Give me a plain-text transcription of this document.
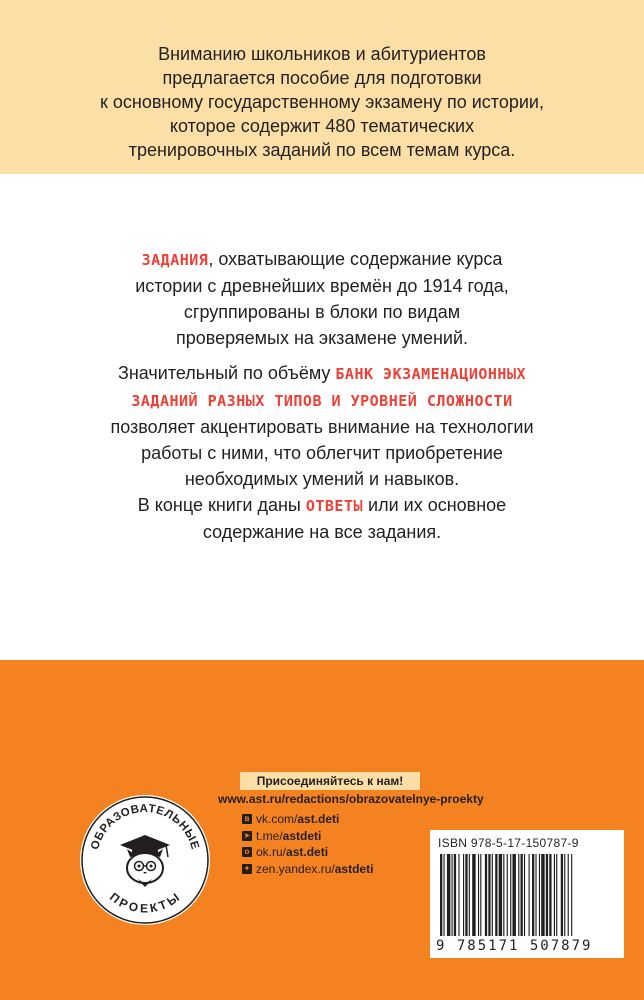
Вниманию школьников и абитуриентов
предлагается пособие для подготовки
к основному государственному экзамену по истории,
которое содержит 480 тематических
тренировочных заданий по всем темам курса.
ЗАДАНИЯ, охватывающие содержание курса
истории с древнейших времён до 1914 года,
сгруппированы в блоки по видам
проверяемых на экзамене умений.
Значительный по объёму БАНК ЭКЗАМЕНАЦИОННЫХ
ЗАДАНИЙ РАЗНЫХ ТИПОВ И УРОВНЕЙ СЛОЖНОСТИ
позволяет акцентировать внимание на технологии
работы с ними, что облегчит приобретение
необходимых умений и навыков.
В конце книги даны ОТВЕТЫ или их основное
содержание на все задания.
Присоединяйтесь к нам!
www.ast.ru/redactions/obrazovatelnye-proekty
в vk.com/ ast.deti
➤ t.me/ astdeti
о ok.ru/ ast.deti
✦ zen.yandex.ru/ astdeti
ОБРАЗОВАТЕЛЬНЫЕ
ПРОЕКТЫ
ISBN 978-5-17-150787-9
9 785171 507879
